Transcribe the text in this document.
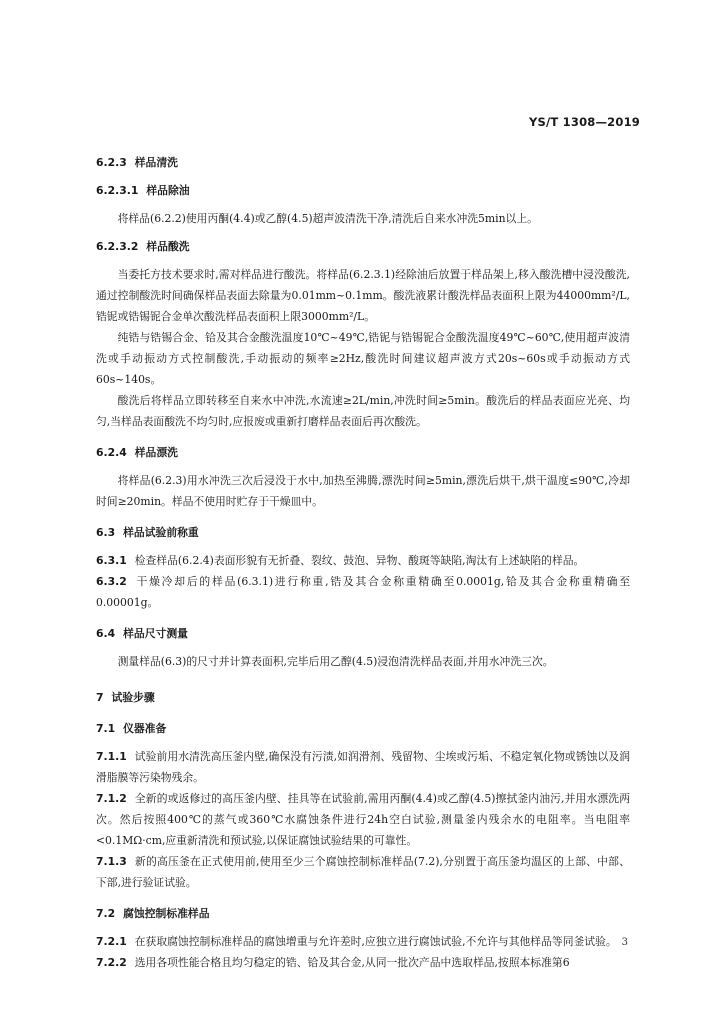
YS/T 1308—2019
6.2.3 样品清洗
6.2.3.1 样品除油

将样品(6.2.2)使用丙酮(4.4)或乙醇(4.5)超声波清洗干净,清洗后自来水冲洗5min以上。

6.2.3.2 样品酸洗

当委托方技术要求时,需对样品进行酸洗。将样品(6.2.3.1)经除油后放置于样品架上,移入酸洗槽中浸没酸洗,通过控制酸洗时间确保样品表面去除量为0.01mm~0.1mm。酸洗液累计酸洗样品表面积上限为44000mm²/L,锆铌或锆锡铌合金单次酸洗样品表面积上限3000mm²/L。

纯锆与锆锡合金、铪及其合金酸洗温度10℃~49℃,锆铌与锆锡铌合金酸洗温度49℃~60℃,使用超声波清洗或手动振动方式控制酸洗,手动振动的频率≥2Hz,酸洗时间建议超声波方式20s~60s或手动振动方式60s~140s。

酸洗后将样品立即转移至自来水中冲洗,水流速≥2L/min,冲洗时间≥5min。酸洗后的样品表面应光亮、均匀,当样品表面酸洗不均匀时,应报废或重新打磨样品表面后再次酸洗。

6.2.4 样品漂洗

将样品(6.2.3)用水冲洗三次后浸没于水中,加热至沸腾,漂洗时间≥5min,漂洗后烘干,烘干温度≤90℃,冷却时间≥20min。样品不使用时贮存于干燥皿中。

6.3 样品试验前称重

6.3.1 检查样品(6.2.4)表面形貌有无折叠、裂纹、鼓泡、异物、酸斑等缺陷,淘汰有上述缺陷的样品。

6.3.2 干燥冷却后的样品(6.3.1)进行称重,锆及其合金称重精确至0.0001g,铪及其合金称重精确至0.00001g。

6.4 样品尺寸测量

测量样品(6.3)的尺寸并计算表面积,完毕后用乙醇(4.5)浸泡清洗样品表面,并用水冲洗三次。

7 试验步骤
7.1 仪器准备

7.1.1 试验前用水清洗高压釜内壁,确保没有污渍,如润滑剂、残留物、尘埃或污垢、不稳定氧化物或锈蚀以及润滑脂膜等污染物残余。

7.1.2 全新的或返修过的高压釜内壁、挂具等在试验前,需用丙酮(4.4)或乙醇(4.5)擦拭釜内油污,并用水漂洗两次。然后按照400℃的蒸气或360℃水腐蚀条件进行24h空白试验,测量釜内残余水的电阻率。当电阻率<0.1MΩ·cm,应重新清洗和预试验,以保证腐蚀试验结果的可靠性。

7.1.3 新的高压釜在正式使用前,使用至少三个腐蚀控制标准样品(7.2),分别置于高压釜均温区的上部、中部、下部,进行验证试验。

7.2 腐蚀控制标准样品

7.2.1 在获取腐蚀控制标准样品的腐蚀增重与允许差时,应独立进行腐蚀试验,不允许与其他样品等同釜试验。

7.2.2 选用各项性能合格且均匀稳定的锆、铪及其合金,从同一批次产品中选取样品,按照本标准第6

3
